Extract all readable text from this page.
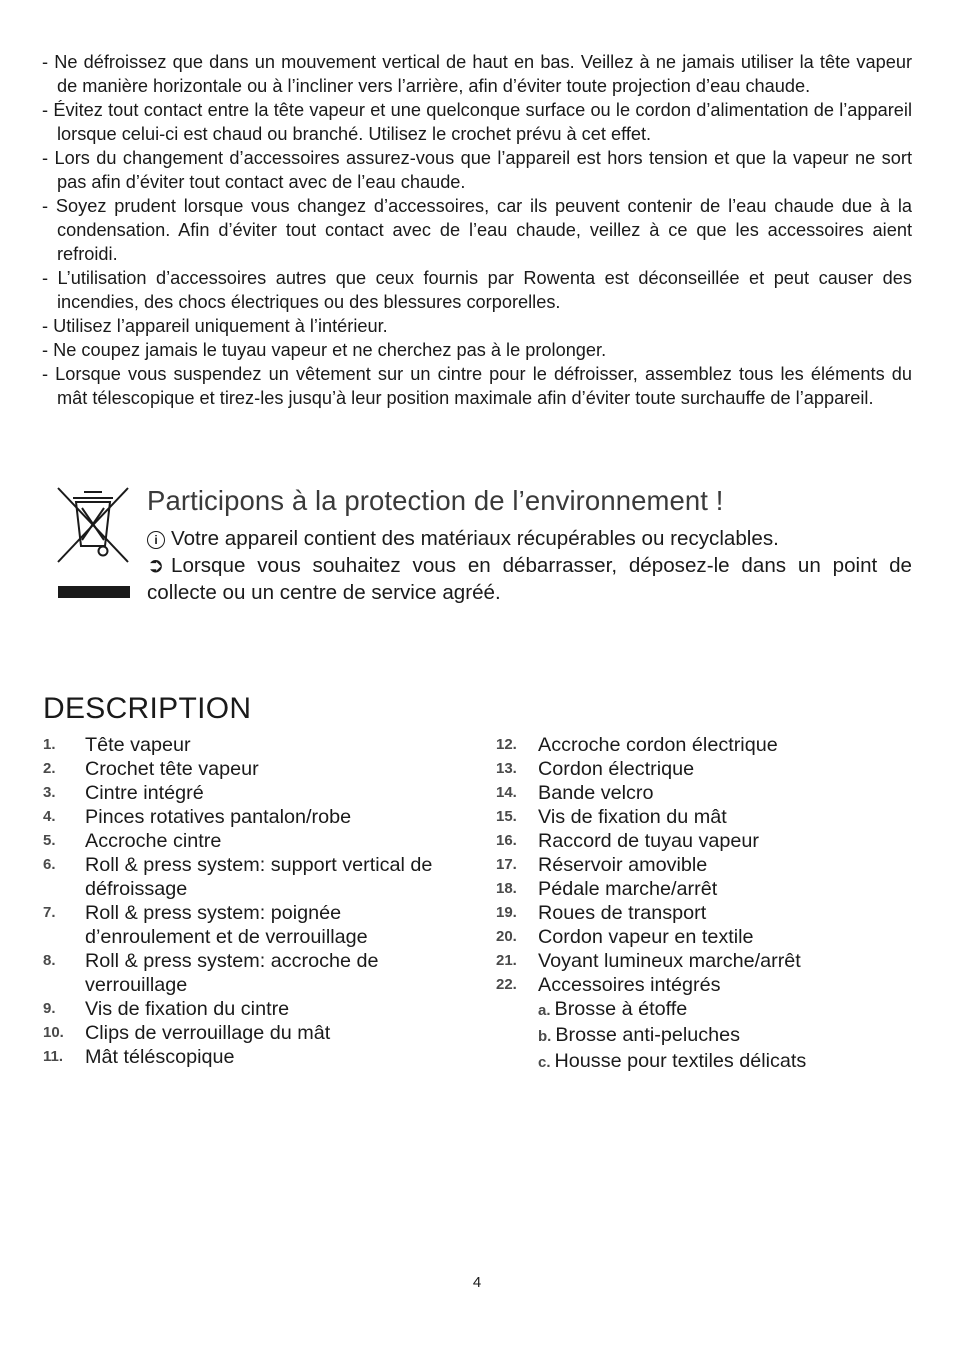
- Ne défroissez que dans un mouvement vertical de haut en bas. Veillez à ne jamais utiliser la tête vapeur de manière horizontale ou à l’incliner vers l’arrière, afin d’éviter toute projection d’eau chaude.
- Évitez tout contact entre la tête vapeur et une quelconque surface ou le cordon d’alimentation de l’appareil lorsque celui-ci est chaud ou branché. Utilisez le crochet prévu à cet effet.
- Lors du changement d’accessoires assurez-vous que l’appareil est hors tension et que la vapeur ne sort pas afin d’éviter tout contact avec de l’eau chaude.
- Soyez prudent lorsque vous changez d’accessoires, car ils peuvent contenir de l’eau chaude due à la condensation. Afin d’éviter tout contact avec de l’eau chaude, veillez à ce que les accessoires aient refroidi.
- L’utilisation d’accessoires autres que ceux fournis par Rowenta est déconseillée et peut causer des incendies, des chocs électriques ou des blessures corporelles.
- Utilisez l’appareil uniquement à l’intérieur.
- Ne coupez jamais le tuyau vapeur et ne cherchez pas à le prolonger.
- Lorsque vous suspendez un vêtement sur un cintre pour le défroisser, assemblez tous les éléments du mât télescopique et tirez-les jusqu’à leur position maximale afin d’éviter toute surchauffe de l’appareil.
Participons à la protection de l’environnement !
i Votre appareil contient des matériaux récupérables ou recyclables.
➲ Lorsque vous souhaitez vous en débarrasser, déposez-le dans un point de collecte ou un centre de service agréé.
DESCRIPTION
1.	Tête vapeur
2.	Crochet tête vapeur
3.	Cintre intégré
4.	Pinces rotatives pantalon/robe
5.	Accroche cintre
6.	Roll & press system: support vertical de défroissage
7.	Roll & press system: poignée d’enroulement et de verrouillage
8.	Roll & press system: accroche de verrouillage
9.	Vis de fixation du cintre
10.	Clips de verrouillage du mât
11.	Mât téléscopique
12.	Accroche cordon électrique
13.	Cordon électrique
14.	Bande velcro
15.	Vis de fixation du mât
16.	Raccord de tuyau vapeur
17.	Réservoir amovible
18.	Pédale marche/arrêt
19.	Roues de transport
20.	Cordon vapeur en textile
21.	Voyant lumineux marche/arrêt
22.	Accessoires intégrés
a. Brosse à étoffe
b. Brosse anti-peluches
c. Housse pour textiles délicats
4
